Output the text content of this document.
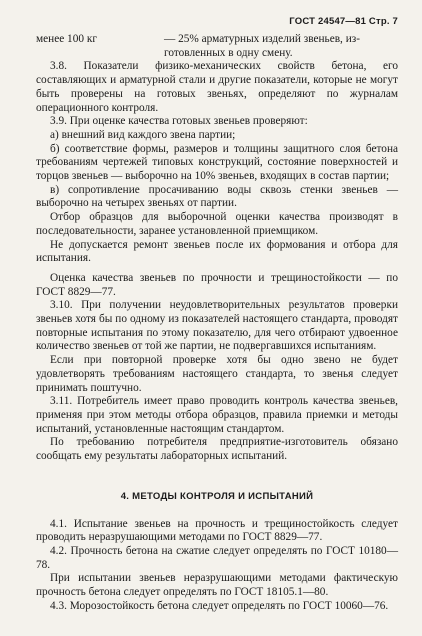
ГОСТ 24547—81 Стр. 7
менее 100 кг	— 25% арматурных изделий звеньев, из-
готовленных в одну смену.

3.8. Показатели физико-механических свойств бетона, его составляющих и арматурной стали и другие показатели, которые не могут быть проверены на готовых звеньях, определяют по журналам операционного контроля.

3.9. При оценке качества готовых звеньев проверяют:

а) внешний вид каждого звена партии;

б) соответствие формы, размеров и толщины защитного слоя бетона требованиям чертежей типовых конструкций, состояние поверхностей и торцов звеньев — выборочно на 10% звеньев, входящих в состав партии;

в) сопротивление просачиванию воды сквозь стенки звеньев — выборочно на четырех звеньях от партии.

Отбор образцов для выборочной оценки качества производят в последовательности, заранее установленной приемщиком.

Не допускается ремонт звеньев после их формования и отбора для испытания.

Оценка качества звеньев по прочности и трещиностойкости — по ГОСТ 8829—77.

3.10. При получении неудовлетворительных результатов проверки звеньев хотя бы по одному из показателей настоящего стандарта, проводят повторные испытания по этому показателю, для чего отбирают удвоенное количество звеньев от той же партии, не подвергавшихся испытаниям.

Если при повторной проверке хотя бы одно звено не будет удовлетворять требованиям настоящего стандарта, то звенья следует принимать поштучно.

3.11. Потребитель имеет право проводить контроль качества звеньев, применяя при этом методы отбора образцов, правила приемки и методы испытаний, установленные настоящим стандартом.

По требованию потребителя предприятие-изготовитель обязано сообщать ему результаты лабораторных испытаний.

4. МЕТОДЫ КОНТРОЛЯ И ИСПЫТАНИЙ

4.1. Испытание звеньев на прочность и трещиностойкость следует проводить неразрушающими методами по ГОСТ 8829—77.

4.2. Прочность бетона на сжатие следует определять по ГОСТ 10180—78.

При испытании звеньев неразрушающими методами фактическую прочность бетона следует определять по ГОСТ 18105.1—80.

4.3. Морозостойкость бетона следует определять по ГОСТ 10060—76.
